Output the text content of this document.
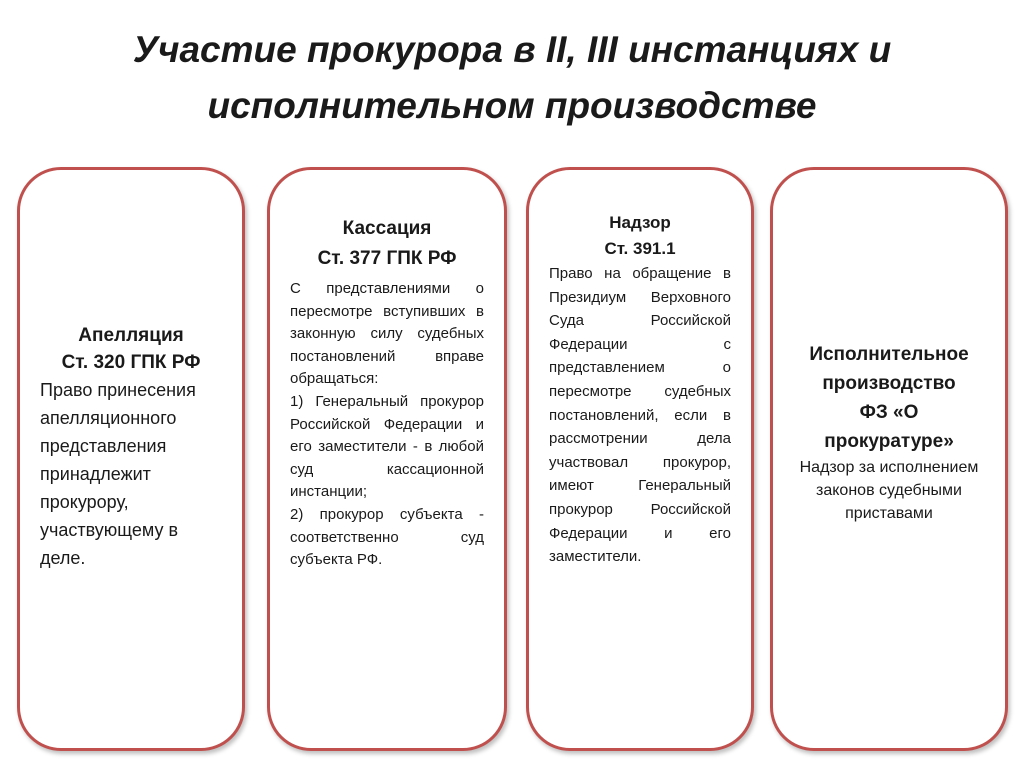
Участие прокурора в II, III инстанциях и
исполнительном производстве
Апелляция
Ст. 320 ГПК РФ
Право принесения апелляционного представления принадлежит прокурору, участвующему в деле.
Кассация
Ст. 377 ГПК РФ
С представлениями о пересмотре вступивших в законную силу судебных постановлений вправе обращаться:
1) Генеральный прокурор Российской Федерации и его заместители - в любой суд кассационной инстанции;
2) прокурор субъекта - соответственно суд субъекта РФ.
Надзор
Ст. 391.1
Право на обращение в Президиум Верховного Суда Российской Федерации с представлением о пересмотре судебных постановлений, если в рассмотрении дела участвовал прокурор, имеют Генеральный прокурор Российской Федерации и его заместители.
Исполнительное
производство
ФЗ «О
прокуратуре»
Надзор за исполнением законов судебными приставами
